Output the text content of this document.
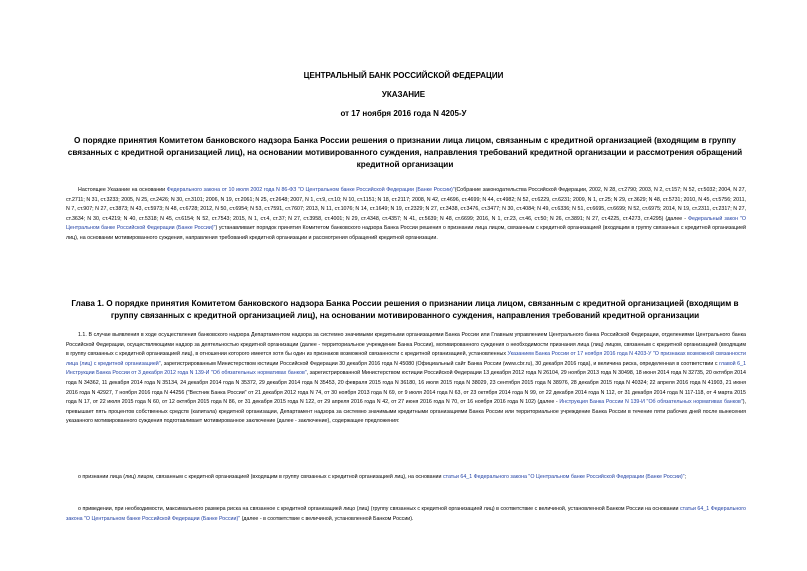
ЦЕНТРАЛЬНЫЙ БАНК РОССИЙСКОЙ ФЕДЕРАЦИИ
УКАЗАНИЕ
от 17 ноября 2016 года N 4205-У
О порядке принятия Комитетом банковского надзора Банка России решения о признании лица лицом, связанным с кредитной организацией (входящим в группу связанных с кредитной организацией лиц), на основании мотивированного суждения, направления требований кредитной организации и рассмотрения обращений кредитной организации
Настоящее Указание на основании Федерального закона от 10 июля 2002 года N 86-ФЗ "О Центральном банке Российской Федерации (Банке России)"(Собрание законодательства Российской Федерации, 2002, N 28, ст.2790; 2003, N 2, ст.157; N 52, ст.5032; 2004, N 27, ст.2711; N 31, ст.3233; 2005, N 25, ст.2426; N 30, ст.3101; 2006, N 19, ст.2061; N 25, ст.2648; 2007, N 1, ст.9, ст.10; N 10, ст.1151; N 18, ст.2117; 2008, N 42, ст.4696, ст.4699; N 44, ст.4982; N 52, ст.6229, ст.6231; 2009, N 1, ст.25; N 29, ст.3629; N 48, ст.5731; 2010, N 45, ст.5756; 2011, N 7, ст.907; N 27, ст.3873; N 43, ст.5973; N 48, ст.6728; 2012, N 50, ст.6954; N 53, ст.7591, ст.7607; 2013, N 11, ст.1076; N 14, ст.1649; N 19, ст.2329; N 27, ст.3438, ст.3476, ст.3477; N 30, ст.4084; N 49, ст.6336; N 51, ст.6695, ст.6699; N 52, ст.6975; 2014, N 19, ст.2311, ст.2317; N 27, ст.3634; N 30, ст.4219; N 40, ст.5318; N 45, ст.6154; N 52, ст.7543; 2015, N 1, ст.4, ст.37; N 27, ст.3958, ст.4001; N 29, ст.4348, ст.4357; N 41, ст.5639; N 48, ст.6699; 2016, N 1, ст.23, ст.46, ст.50; N 26, ст.3891; N 27, ст.4225, ст.4273, ст.4295) (далее - Федеральный закон "О Центральном банке Российской Федерации (Банке России)") устанавливает порядок принятия Комитетом банковского надзора Банка России решения о признании лица лицом, связанным с кредитной организацией (входящим в группу связанных с кредитной организацией лиц), на основании мотивированного суждения, направления требований кредитной организации и рассмотрения обращений кредитной организации.
Глава 1. О порядке принятия Комитетом банковского надзора Банка России решения о признании лица лицом, связанным с кредитной организацией (входящим в группу связанных с кредитной организацией лиц), на основании мотивированного суждения, направления требований кредитной организации
1.1. В случае выявления в ходе осуществления банковского надзора Департаментом надзора за системно значимыми кредитными организациями Банка России или Главным управлением Центрального банка Российской Федерации, отделениями Центрального банка Российской Федерации, осуществляющими надзор за деятельностью кредитной организации (далее - территориальное учреждение Банка России), мотивированного суждения о необходимости признания лица (лиц) лицом, связанным с кредитной организацией (входящим в группу связанных с кредитной организацией лиц), в отношении которого имеется хотя бы один из признаков возможной связанности с кредитной организацией, установленных Указанием Банка России от 17 ноября 2016 года N 4203-У "О признаках возможной связанности лица (лиц) с кредитной организацией", зарегистрированным Министерством юстиции Российской Федерации 30 декабря 2016 года N 45080 (Официальный сайт Банка России (www.cbr.ru), 30 декабря 2016 года), и величина риска, определенная в соответствии с главой 6_1 Инструкции Банка России от 3 декабря 2012 года N 139-И "Об обязательных нормативах банков", зарегистрированной Министерством юстиции Российской Федерации 13 декабря 2012 года N 26104, 29 ноября 2013 года N 30498, 18 июня 2014 года N 32735, 20 октября 2014 года N 34362, 11 декабря 2014 года N 35134, 24 декабря 2014 года N 35372, 29 декабря 2014 года N 35453, 20 февраля 2015 года N 36180, 16 июля 2015 года N 38029, 23 сентября 2015 года N 38976, 28 декабря 2015 года N 40324; 22 апреля 2016 года N 41903, 21 июня 2016 года N 42927, 7 ноября 2016 года N 44256 ("Вестник Банка России" от 21 декабря 2012 года N 74, от 30 ноября 2013 года N 69, от 9 июля 2014 года N 63, от 23 октября 2014 года N 99, от 22 декабря 2014 года N 112, от 31 декабря 2014 года N 117-118, от 4 марта 2015 года N 17, от 22 июля 2015 года N 60, от 12 октября 2015 года N 86, от 31 декабря 2015 года N 122, от 29 апреля 2016 года N 42, от 27 июня 2016 года N 70, от 16 ноября 2016 года N 102) (далее - Инструкция Банка России N 139-И "Об обязательных нормативах банков"), превышает пять процентов собственных средств (капитала) кредитной организации, Департамент надзора за системно значимыми кредитными организациями Банка России или территориальное учреждение Банка России в течение пяти рабочих дней после вынесения указанного мотивированного суждения подготавливает мотивированное заключение (далее - заключение), содержащее предложения:
о признании лица (лиц) лицом, связанным с кредитной организацией (входящим в группу связанных с кредитной организацией лиц), на основании статьи 64_1 Федерального закона "О Центральном банке Российской Федерации (Банке России)";
о приведении, при необходимости, максимального размера риска на связанное с кредитной организацией лицо (лиц) (группу связанных с кредитной организацией лиц) в соответствие с величиной, установленной Банком России на основании статьи 64_1 Федерального закона "О Центральном банке Российской Федерации (Банке России)" (далее - в соответствие с величиной, установленной Банком России).
